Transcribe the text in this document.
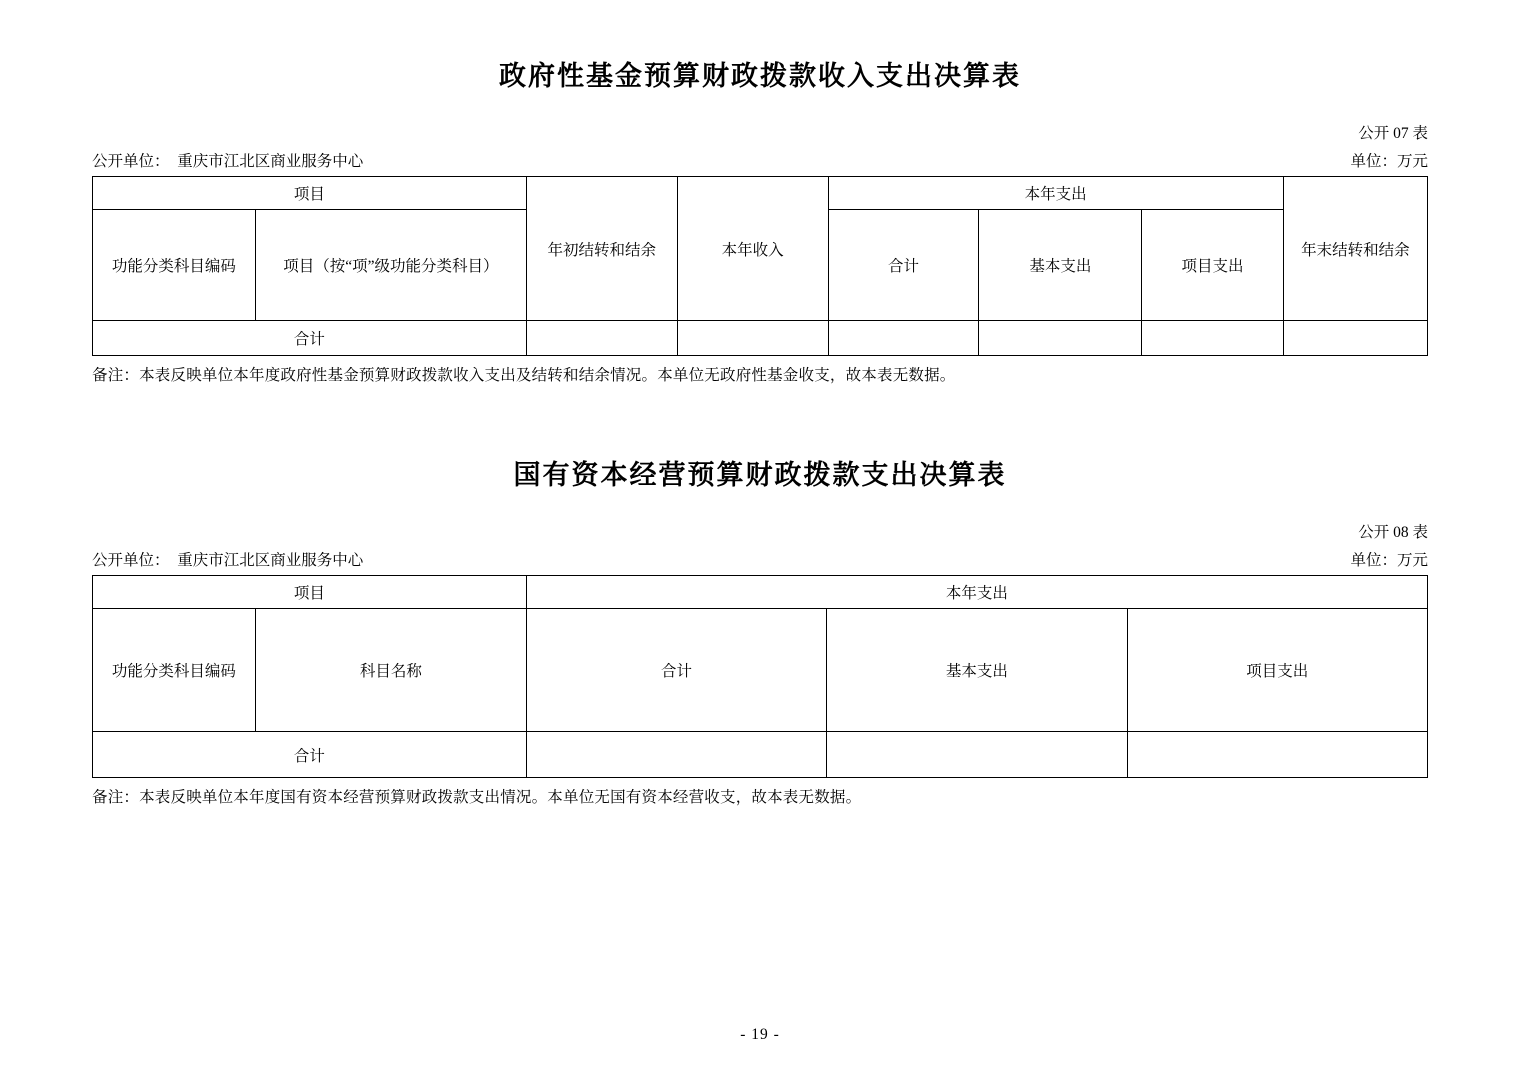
政府性基金预算财政拨款收入支出决算表
公开 07 表
公开单位：  重庆市江北区商业服务中心	单位：万元
项目		年初结转和结余	本年收入	本年支出			年末结转和结余
功能分类科目编码	项目（按“项”级功能分类科目）			合计	基本支出	项目支出	
合计							
备注：本表反映单位本年度政府性基金预算财政拨款收入支出及结转和结余情况。本单位无政府性基金收支，故本表无数据。
国有资本经营预算财政拨款支出决算表
公开 08 表
公开单位：  重庆市江北区商业服务中心	单位：万元
项目		本年支出		
功能分类科目编码	科目名称	合计	基本支出	项目支出
合计				
备注：本表反映单位本年度国有资本经营预算财政拨款支出情况。本单位无国有资本经营收支，故本表无数据。
- 19 -
